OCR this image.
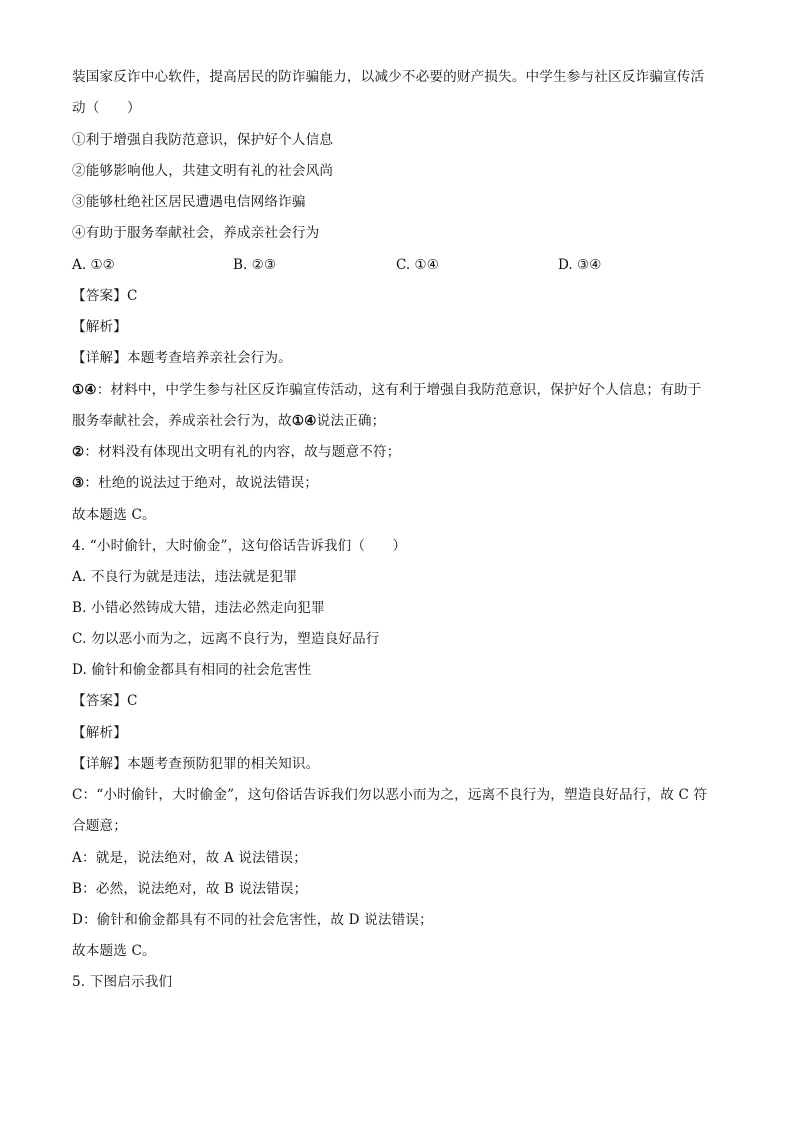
装国家反诈中心软件，提高居民的防诈骗能力，以减少不必要的财产损失。中学生参与社区反诈骗宣传活
动（　　）
①利于增强自我防范意识，保护好个人信息
②能够影响他人，共建文明有礼的社会风尚
③能够杜绝社区居民遭遇电信网络诈骗
④有助于服务奉献社会，养成亲社会行为
A. ①②	B. ②③	C. ①④	D. ③④
【答案】C
【解析】
【详解】本题考查培养亲社会行为。
①④：材料中，中学生参与社区反诈骗宣传活动，这有利于增强自我防范意识，保护好个人信息；有助于
服务奉献社会，养成亲社会行为，故①④说法正确；
②：材料没有体现出文明有礼的内容，故与题意不符；
③：杜绝的说法过于绝对，故说法错误；
故本题选 C。
4. “小时偷针，大时偷金”，这句俗话告诉我们（　　）
A. 不良行为就是违法，违法就是犯罪
B. 小错必然铸成大错，违法必然走向犯罪
C. 勿以恶小而为之，远离不良行为，塑造良好品行
D. 偷针和偷金都具有相同的社会危害性
【答案】C
【解析】
【详解】本题考查预防犯罪的相关知识。
C：“小时偷针，大时偷金”，这句俗话告诉我们勿以恶小而为之，远离不良行为，塑造良好品行，故 C 符
合题意；
A：就是，说法绝对，故 A 说法错误；
B：必然，说法绝对，故 B 说法错误；
D：偷针和偷金都具有不同的社会危害性，故 D 说法错误；
故本题选 C。
5. 下图启示我们
